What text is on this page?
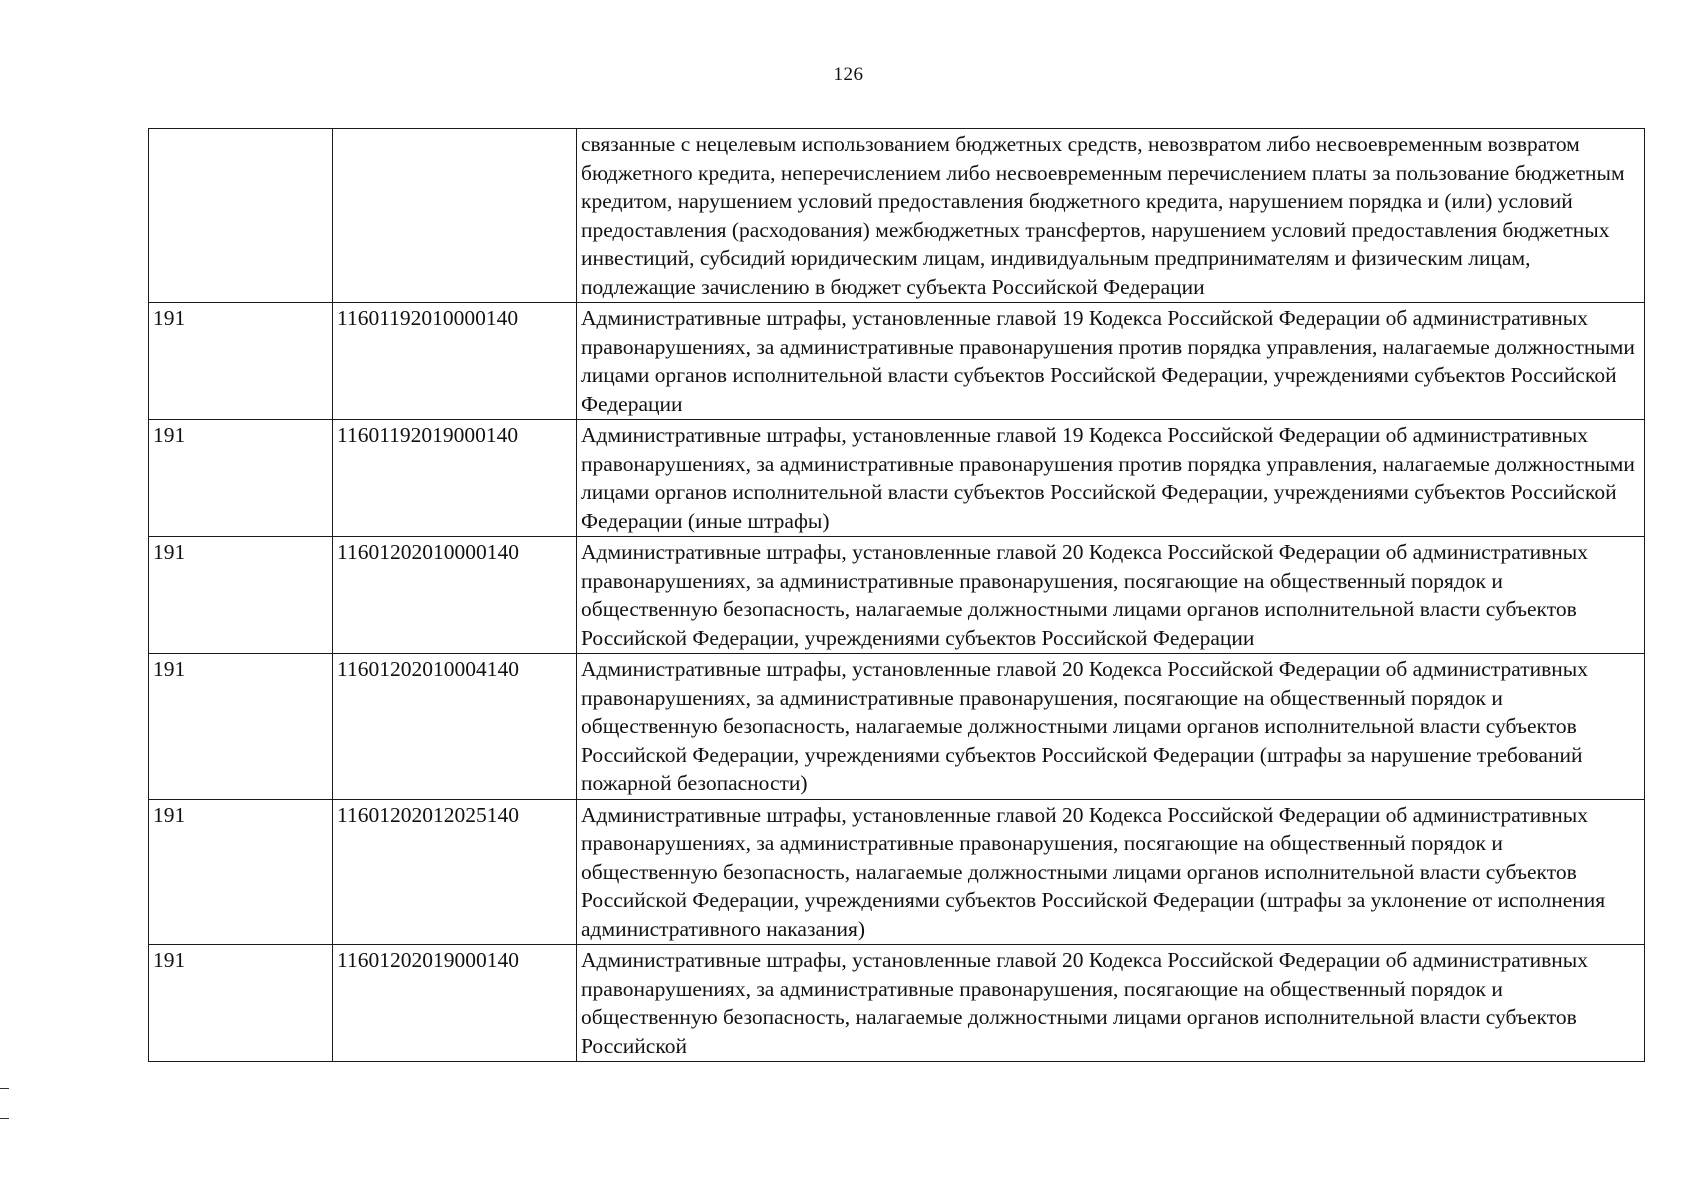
126
		связанные с нецелевым использованием бюджетных средств, невозвратом либо несвоевременным возвратом бюджетного кредита, неперечислением либо несвоевременным перечислением платы за пользование бюджетным кредитом, нарушением условий предоставления бюджетного кредита, нарушением порядка и (или) условий предоставления (расходования) межбюджетных трансфертов, нарушением условий предоставления бюджетных инвестиций, субсидий юридическим лицам, индивидуальным предпринимателям и физическим лицам, подлежащие зачислению в бюджет субъекта Российской Федерации
191	11601192010000140	Административные штрафы, установленные главой 19 Кодекса Российской Федерации об административных правонарушениях, за административные правонарушения против порядка управления, налагаемые должностными лицами органов исполнительной власти субъектов Российской Федерации, учреждениями субъектов Российской Федерации
191	11601192019000140	Административные штрафы, установленные главой 19 Кодекса Российской Федерации об административных правонарушениях, за административные правонарушения против порядка управления, налагаемые должностными лицами органов исполнительной власти субъектов Российской Федерации, учреждениями субъектов Российской Федерации (иные штрафы)
191	11601202010000140	Административные штрафы, установленные главой 20 Кодекса Российской Федерации об административных правонарушениях, за административные правонарушения, посягающие на общественный порядок и общественную безопасность, налагаемые должностными лицами органов исполнительной власти субъектов Российской Федерации, учреждениями субъектов Российской Федерации
191	11601202010004140	Административные штрафы, установленные главой 20 Кодекса Российской Федерации об административных правонарушениях, за административные правонарушения, посягающие на общественный порядок и общественную безопасность, налагаемые должностными лицами органов исполнительной власти субъектов Российской Федерации, учреждениями субъектов Российской Федерации (штрафы за нарушение требований пожарной безопасности)
191	11601202012025140	Административные штрафы, установленные главой 20 Кодекса Российской Федерации об административных правонарушениях, за административные правонарушения, посягающие на общественный порядок и общественную безопасность, налагаемые должностными лицами органов исполнительной власти субъектов Российской Федерации, учреждениями субъектов Российской Федерации (штрафы за уклонение от исполнения административного наказания)
191	11601202019000140	Административные штрафы, установленные главой 20 Кодекса Российской Федерации об административных правонарушениях, за административные правонарушения, посягающие на общественный порядок и общественную безопасность, налагаемые должностными лицами органов исполнительной власти субъектов Российской
